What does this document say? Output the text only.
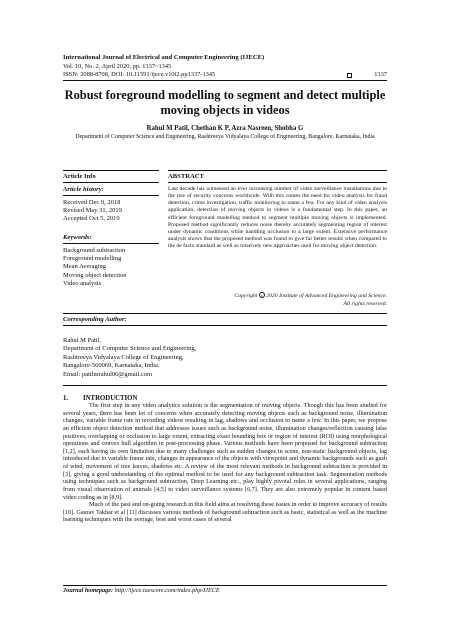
International Journal of Electrical and Computer Engineering (IJECE)
Vol. 10, No. 2, April 2020, pp. 1337~1345
ISSN: 2088-8708, DOI: 10.11591/ijece.v10i2.pp1337-1345	1337
Robust foreground modelling to segment and detect multiple moving objects in videos
Rahul M Patil, Chethan K P, Azra Nasreen, Shobha G
Department of Computer Science and Engineering, Rashtreeya Vidyalaya College of Engineering, Bangalore, Karnataka, India
Article Info	ABSTRACT
Article history:
Received Dec 9, 2018
Revised May 31, 2019
Accepted Oct 5, 2019
Keywords:
Background subtraction
Foreground modelling
Mean Averaging
Moving object detection
Video analysis
Last decade has witnessed an ever increasing number of video surveillance installations due to the rise of security concerns worldwide. With this comes the need for video analysis for fraud detection, crime investigation, traffic monitoring to name a few. For any kind of video analysis application, detection of moving objects in videos is a fundamental step. In this paper, an efficient foreground modelling method to segment multiple moving objects is implemented. Proposed method significantly reduces noise thereby accurately segmenting region of interest under dynamic conditions while handling occlusion to a large extent. Extensive performance analysis shows that the proposed method was found to give far better results when compared to the de facto standard as well as relatively new approaches used for moving object detection.
Copyright c 2020 Institute of Advanced Engineering and Science.
All rights reserved.
Corresponding Author:
Rahul M Patil,
Department of Computer Science and Engineering,
Rashtreeya Vidyalaya College of Engineering,
Bangalore-560069, Karnataka, India.
Email: patilmrahul06@gmail.com
1. INTRODUCTION

The first step in any video analytics solution is the segmentation of moving objects. Though this has been studied for several years, there has been lot of concerns when accurately detecting moving objects such as background noise, illumination changes, variable frame rate in recording videos resulting in lag, shadows and occlusion to name a few. In this paper, we propose an efficient object detection method that addresses issues such as background noise, illumination changes/reflection causing false positives, overlapping or occlusion to large extent, extracting exact bounding box or region of interest (ROI) using morphological operations and convex hull algorithm in post-processing phase. Various methods have been proposed for background subtraction [1,2], each having its own limitation due to many challenges such as sudden changes in scene, non-static background objects, lag introduced due to variable frame rate, changes in appearance of the objects with viewpoint and dynamic backgrounds such as gush of wind, movement of tree leaves, shadows etc. A review of the most relevant methods in background subtraction is provided in [3], giving a good understanding of the optimal method to be used for any background subtraction task. Segmentation methods using techniques such as background subtraction, Deep Learning etc., play highly pivotal roles in several applications, ranging from visual observation of animals [4,5] to video surveillance systems [6,7]. They are also extremely popular in content based video coding as in [8,9].

Much of the past and on-going research in this field aims at resolving these issues in order to improve accuracy of results [10]. Gaurav Takhar et al [11] discusses various methods of background subtraction such as basic, statistical as well as the machine learning techniques with the average, best and worst cases of several

Journal homepage: http://ijece.iaescore.com/index.php/IJECE
